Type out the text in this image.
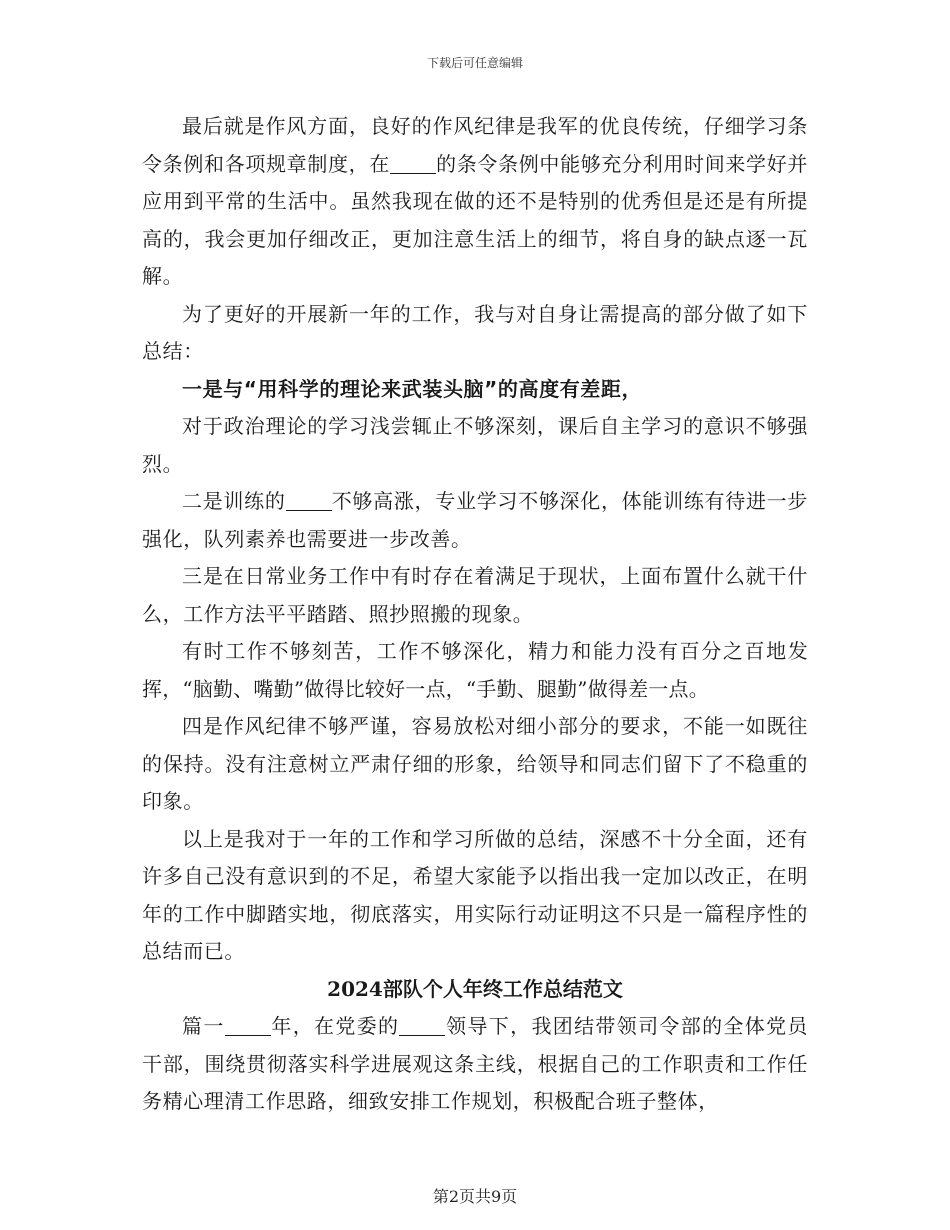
下载后可任意编辑

最后就是作风方面，良好的作风纪律是我军的优良传统，仔细学习条令条例和各项规章制度，在 的条令条例中能够充分利用时间来学好并应用到平常的生活中。虽然我现在做的还不是特别的优秀但是还是有所提高的，我会更加仔细改正，更加注意生活上的细节，将自身的缺点逐一瓦解。

为了更好的开展新一年的工作，我与对自身让需提高的部分做了如下总结：

一是与“用科学的理论来武装头脑”的高度有差距，

对于政治理论的学习浅尝辄止不够深刻，课后自主学习的意识不够强烈。

二是训练的 不够高涨，专业学习不够深化，体能训练有待进一步强化，队列素养也需要进一步改善。

三是在日常业务工作中有时存在着满足于现状，上面布置什么就干什么，工作方法平平踏踏、照抄照搬的现象。

有时工作不够刻苦，工作不够深化，精力和能力没有百分之百地发挥，“脑勤、嘴勤”做得比较好一点，“手勤、腿勤”做得差一点。

四是作风纪律不够严谨，容易放松对细小部分的要求，不能一如既往的保持。没有注意树立严肃仔细的形象，给领导和同志们留下了不稳重的印象。

以上是我对于一年的工作和学习所做的总结，深感不十分全面，还有许多自己没有意识到的不足，希望大家能予以指出我一定加以改正，在明年的工作中脚踏实地，彻底落实，用实际行动证明这不只是一篇程序性的总结而已。

2024部队个人年终工作总结范文

篇一 年，在党委的 领导下，我团结带领司令部的全体党员干部，围绕贯彻落实科学进展观这条主线，根据自己的工作职责和工作任务精心理清工作思路，细致安排工作规划，积极配合班子整体，

第2页共9页
